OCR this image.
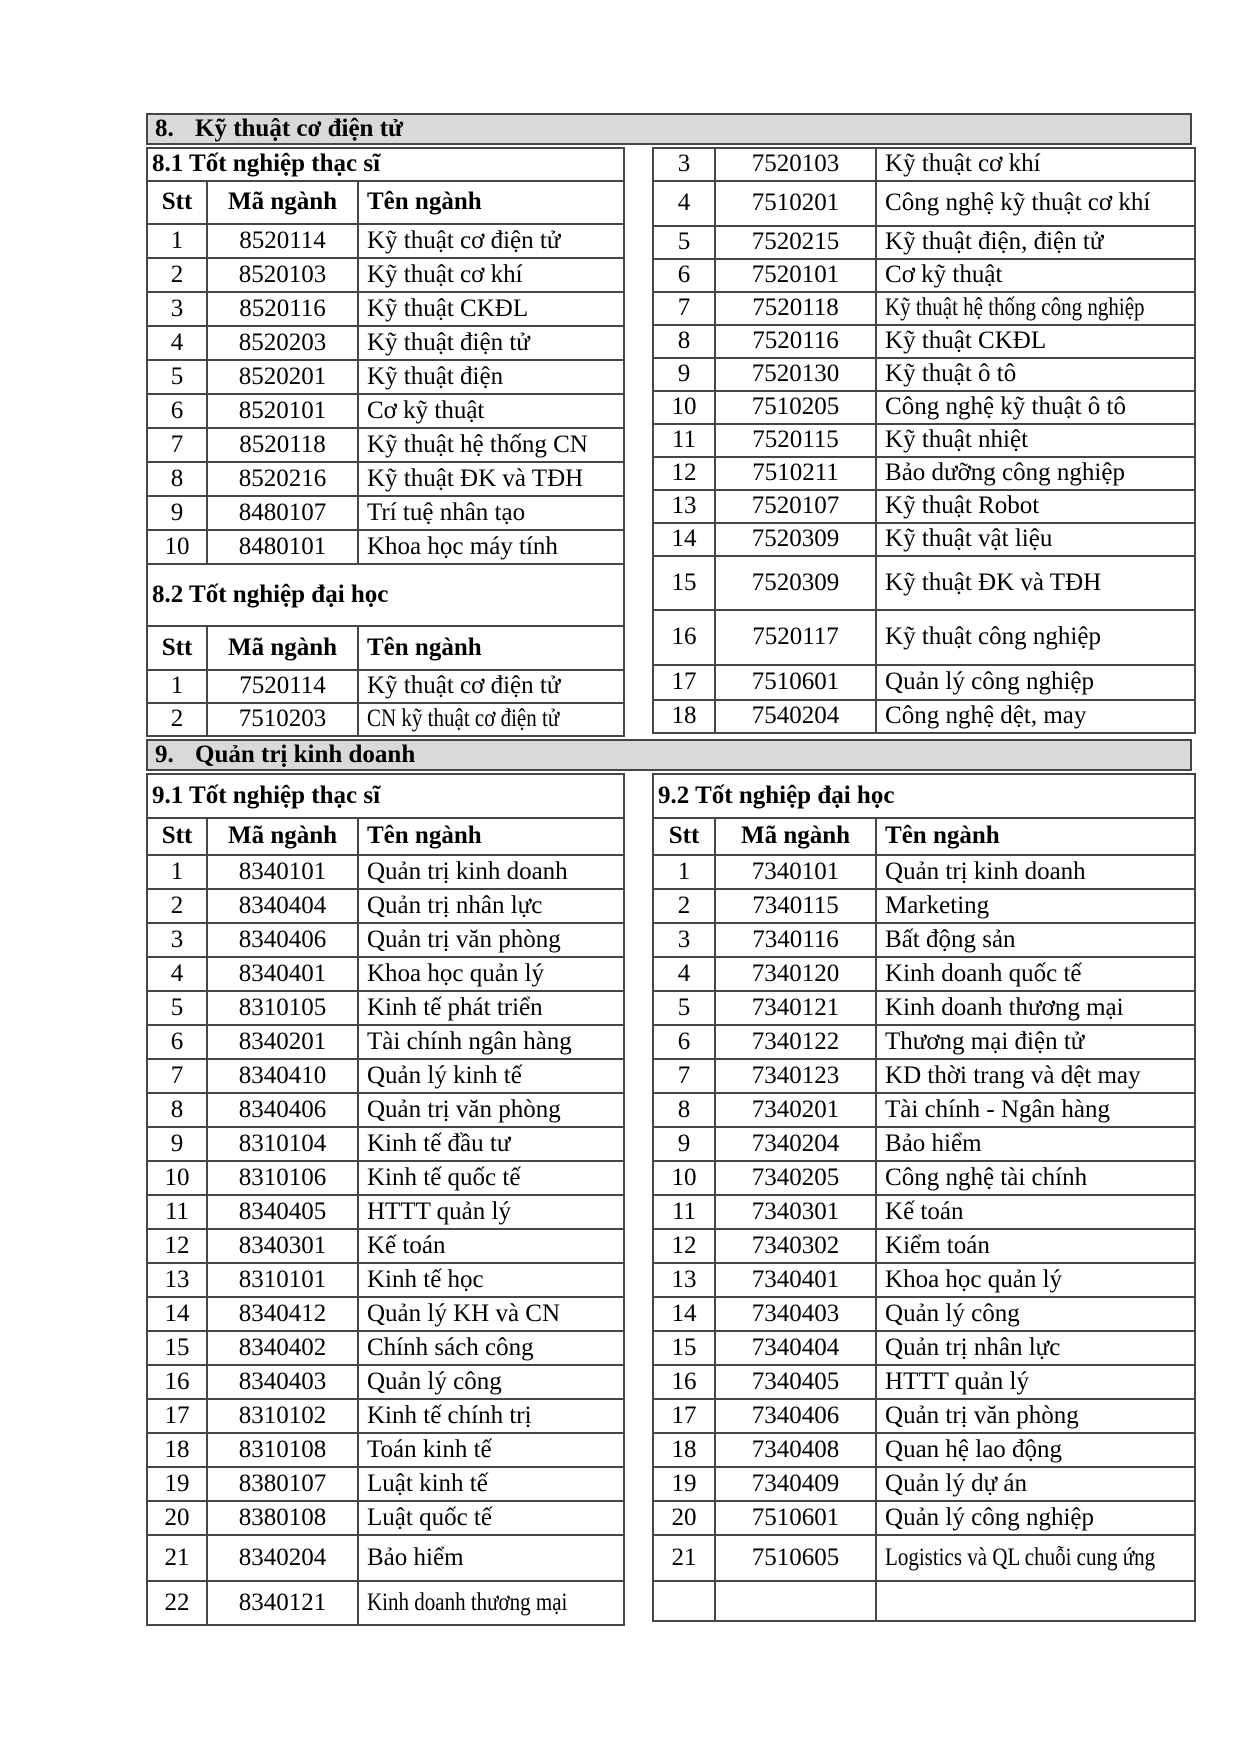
8. Kỹ thuật cơ điện tử
8.1 Tốt nghiệp thạc sĩ		
Stt	Mã ngành	Tên ngành
1	8520114	Kỹ thuật cơ điện tử
2	8520103	Kỹ thuật cơ khí
3	8520116	Kỹ thuật CKĐL
4	8520203	Kỹ thuật điện tử
5	8520201	Kỹ thuật điện
6	8520101	Cơ kỹ thuật
7	8520118	Kỹ thuật hệ thống CN
8	8520216	Kỹ thuật ĐK và TĐH
9	8480107	Trí tuệ nhân tạo
10	8480101	Khoa học máy tính
8.2 Tốt nghiệp đại học		
Stt	Mã ngành	Tên ngành
1	7520114	Kỹ thuật cơ điện tử
2	7510203	CN kỹ thuật cơ điện tử
3	7520103	Kỹ thuật cơ khí
4	7510201	Công nghệ kỹ thuật cơ khí
5	7520215	Kỹ thuật điện, điện tử
6	7520101	Cơ kỹ thuật
7	7520118	Kỹ thuật hệ thống công nghiệp
8	7520116	Kỹ thuật CKĐL
9	7520130	Kỹ thuật ô tô
10	7510205	Công nghệ kỹ thuật ô tô
11	7520115	Kỹ thuật nhiệt
12	7510211	Bảo dưỡng công nghiệp
13	7520107	Kỹ thuật Robot
14	7520309	Kỹ thuật vật liệu
15	7520309	Kỹ thuật ĐK và TĐH
16	7520117	Kỹ thuật công nghiệp
17	7510601	Quản lý công nghiệp
18	7540204	Công nghệ dệt, may
9. Quản trị kinh doanh
9.1 Tốt nghiệp thạc sĩ		
Stt	Mã ngành	Tên ngành
1	8340101	Quản trị kinh doanh
2	8340404	Quản trị nhân lực
3	8340406	Quản trị văn phòng
4	8340401	Khoa học quản lý
5	8310105	Kinh tế phát triển
6	8340201	Tài chính ngân hàng
7	8340410	Quản lý kinh tế
8	8340406	Quản trị văn phòng
9	8310104	Kinh tế đầu tư
10	8310106	Kinh tế quốc tế
11	8340405	HTTT quản lý
12	8340301	Kế toán
13	8310101	Kinh tế học
14	8340412	Quản lý KH và CN
15	8340402	Chính sách công
16	8340403	Quản lý công
17	8310102	Kinh tế chính trị
18	8310108	Toán kinh tế
19	8380107	Luật kinh tế
20	8380108	Luật quốc tế
21	8340204	Bảo hiểm
22	8340121	Kinh doanh thương mại
9.2 Tốt nghiệp đại học		
Stt	Mã ngành	Tên ngành
1	7340101	Quản trị kinh doanh
2	7340115	Marketing
3	7340116	Bất động sản
4	7340120	Kinh doanh quốc tế
5	7340121	Kinh doanh thương mại
6	7340122	Thương mại điện tử
7	7340123	KD thời trang và dệt may
8	7340201	Tài chính - Ngân hàng
9	7340204	Bảo hiểm
10	7340205	Công nghệ tài chính
11	7340301	Kế toán
12	7340302	Kiểm toán
13	7340401	Khoa học quản lý
14	7340403	Quản lý công
15	7340404	Quản trị nhân lực
16	7340405	HTTT quản lý
17	7340406	Quản trị văn phòng
18	7340408	Quan hệ lao động
19	7340409	Quản lý dự án
20	7510601	Quản lý công nghiệp
21	7510605	Logistics và QL chuỗi cung ứng
